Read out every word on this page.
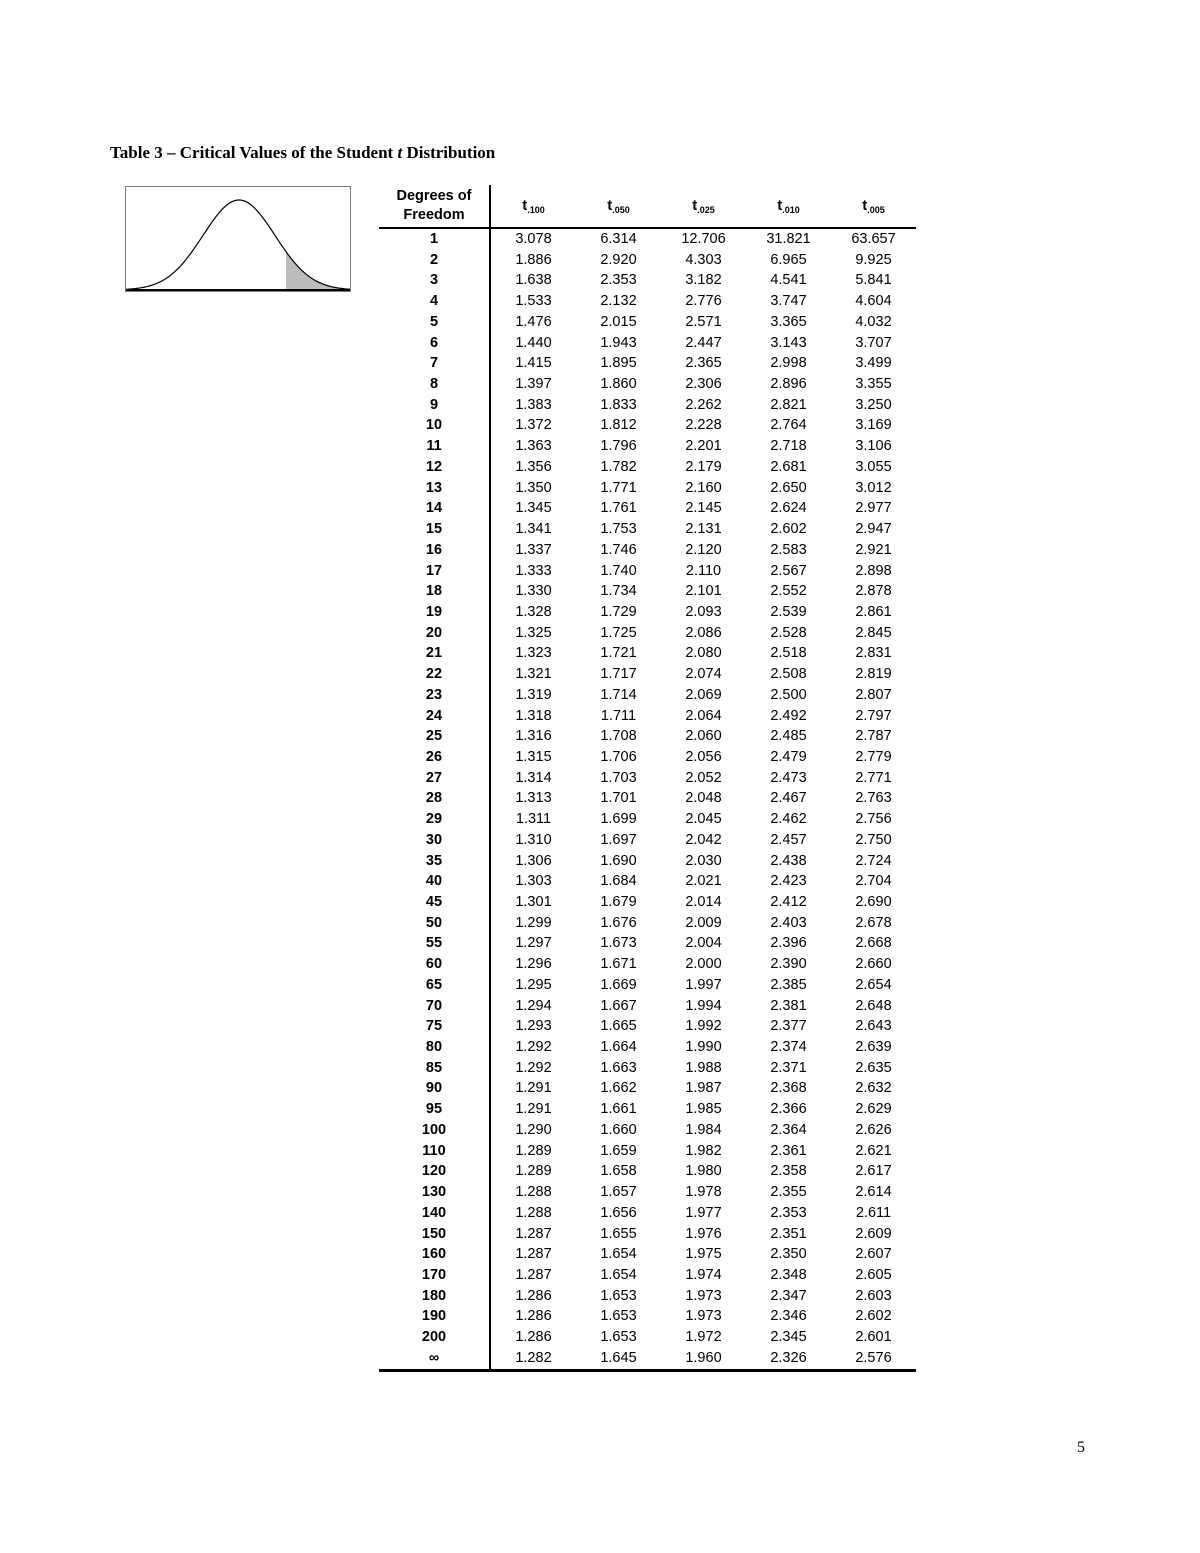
Table 3 – Critical Values of the Student t Distribution
Degrees of
Freedom	$t_{.100}$	$t_{.050}$	$t_{.025}$	$t_{.010}$	$t_{.005}$
1	3.078	6.314	12.706	31.821	63.657
2	1.886	2.920	4.303	6.965	9.925
3	1.638	2.353	3.182	4.541	5.841
4	1.533	2.132	2.776	3.747	4.604
5	1.476	2.015	2.571	3.365	4.032
6	1.440	1.943	2.447	3.143	3.707
7	1.415	1.895	2.365	2.998	3.499
8	1.397	1.860	2.306	2.896	3.355
9	1.383	1.833	2.262	2.821	3.250
10	1.372	1.812	2.228	2.764	3.169
11	1.363	1.796	2.201	2.718	3.106
12	1.356	1.782	2.179	2.681	3.055
13	1.350	1.771	2.160	2.650	3.012
14	1.345	1.761	2.145	2.624	2.977
15	1.341	1.753	2.131	2.602	2.947
16	1.337	1.746	2.120	2.583	2.921
17	1.333	1.740	2.110	2.567	2.898
18	1.330	1.734	2.101	2.552	2.878
19	1.328	1.729	2.093	2.539	2.861
20	1.325	1.725	2.086	2.528	2.845
21	1.323	1.721	2.080	2.518	2.831
22	1.321	1.717	2.074	2.508	2.819
23	1.319	1.714	2.069	2.500	2.807
24	1.318	1.711	2.064	2.492	2.797
25	1.316	1.708	2.060	2.485	2.787
26	1.315	1.706	2.056	2.479	2.779
27	1.314	1.703	2.052	2.473	2.771
28	1.313	1.701	2.048	2.467	2.763
29	1.311	1.699	2.045	2.462	2.756
30	1.310	1.697	2.042	2.457	2.750
35	1.306	1.690	2.030	2.438	2.724
40	1.303	1.684	2.021	2.423	2.704
45	1.301	1.679	2.014	2.412	2.690
50	1.299	1.676	2.009	2.403	2.678
55	1.297	1.673	2.004	2.396	2.668
60	1.296	1.671	2.000	2.390	2.660
65	1.295	1.669	1.997	2.385	2.654
70	1.294	1.667	1.994	2.381	2.648
75	1.293	1.665	1.992	2.377	2.643
80	1.292	1.664	1.990	2.374	2.639
85	1.292	1.663	1.988	2.371	2.635
90	1.291	1.662	1.987	2.368	2.632
95	1.291	1.661	1.985	2.366	2.629
100	1.290	1.660	1.984	2.364	2.626
110	1.289	1.659	1.982	2.361	2.621
120	1.289	1.658	1.980	2.358	2.617
130	1.288	1.657	1.978	2.355	2.614
140	1.288	1.656	1.977	2.353	2.611
150	1.287	1.655	1.976	2.351	2.609
160	1.287	1.654	1.975	2.350	2.607
170	1.287	1.654	1.974	2.348	2.605
180	1.286	1.653	1.973	2.347	2.603
190	1.286	1.653	1.973	2.346	2.602
200	1.286	1.653	1.972	2.345	2.601
∞	1.282	1.645	1.960	2.326	2.576
5
